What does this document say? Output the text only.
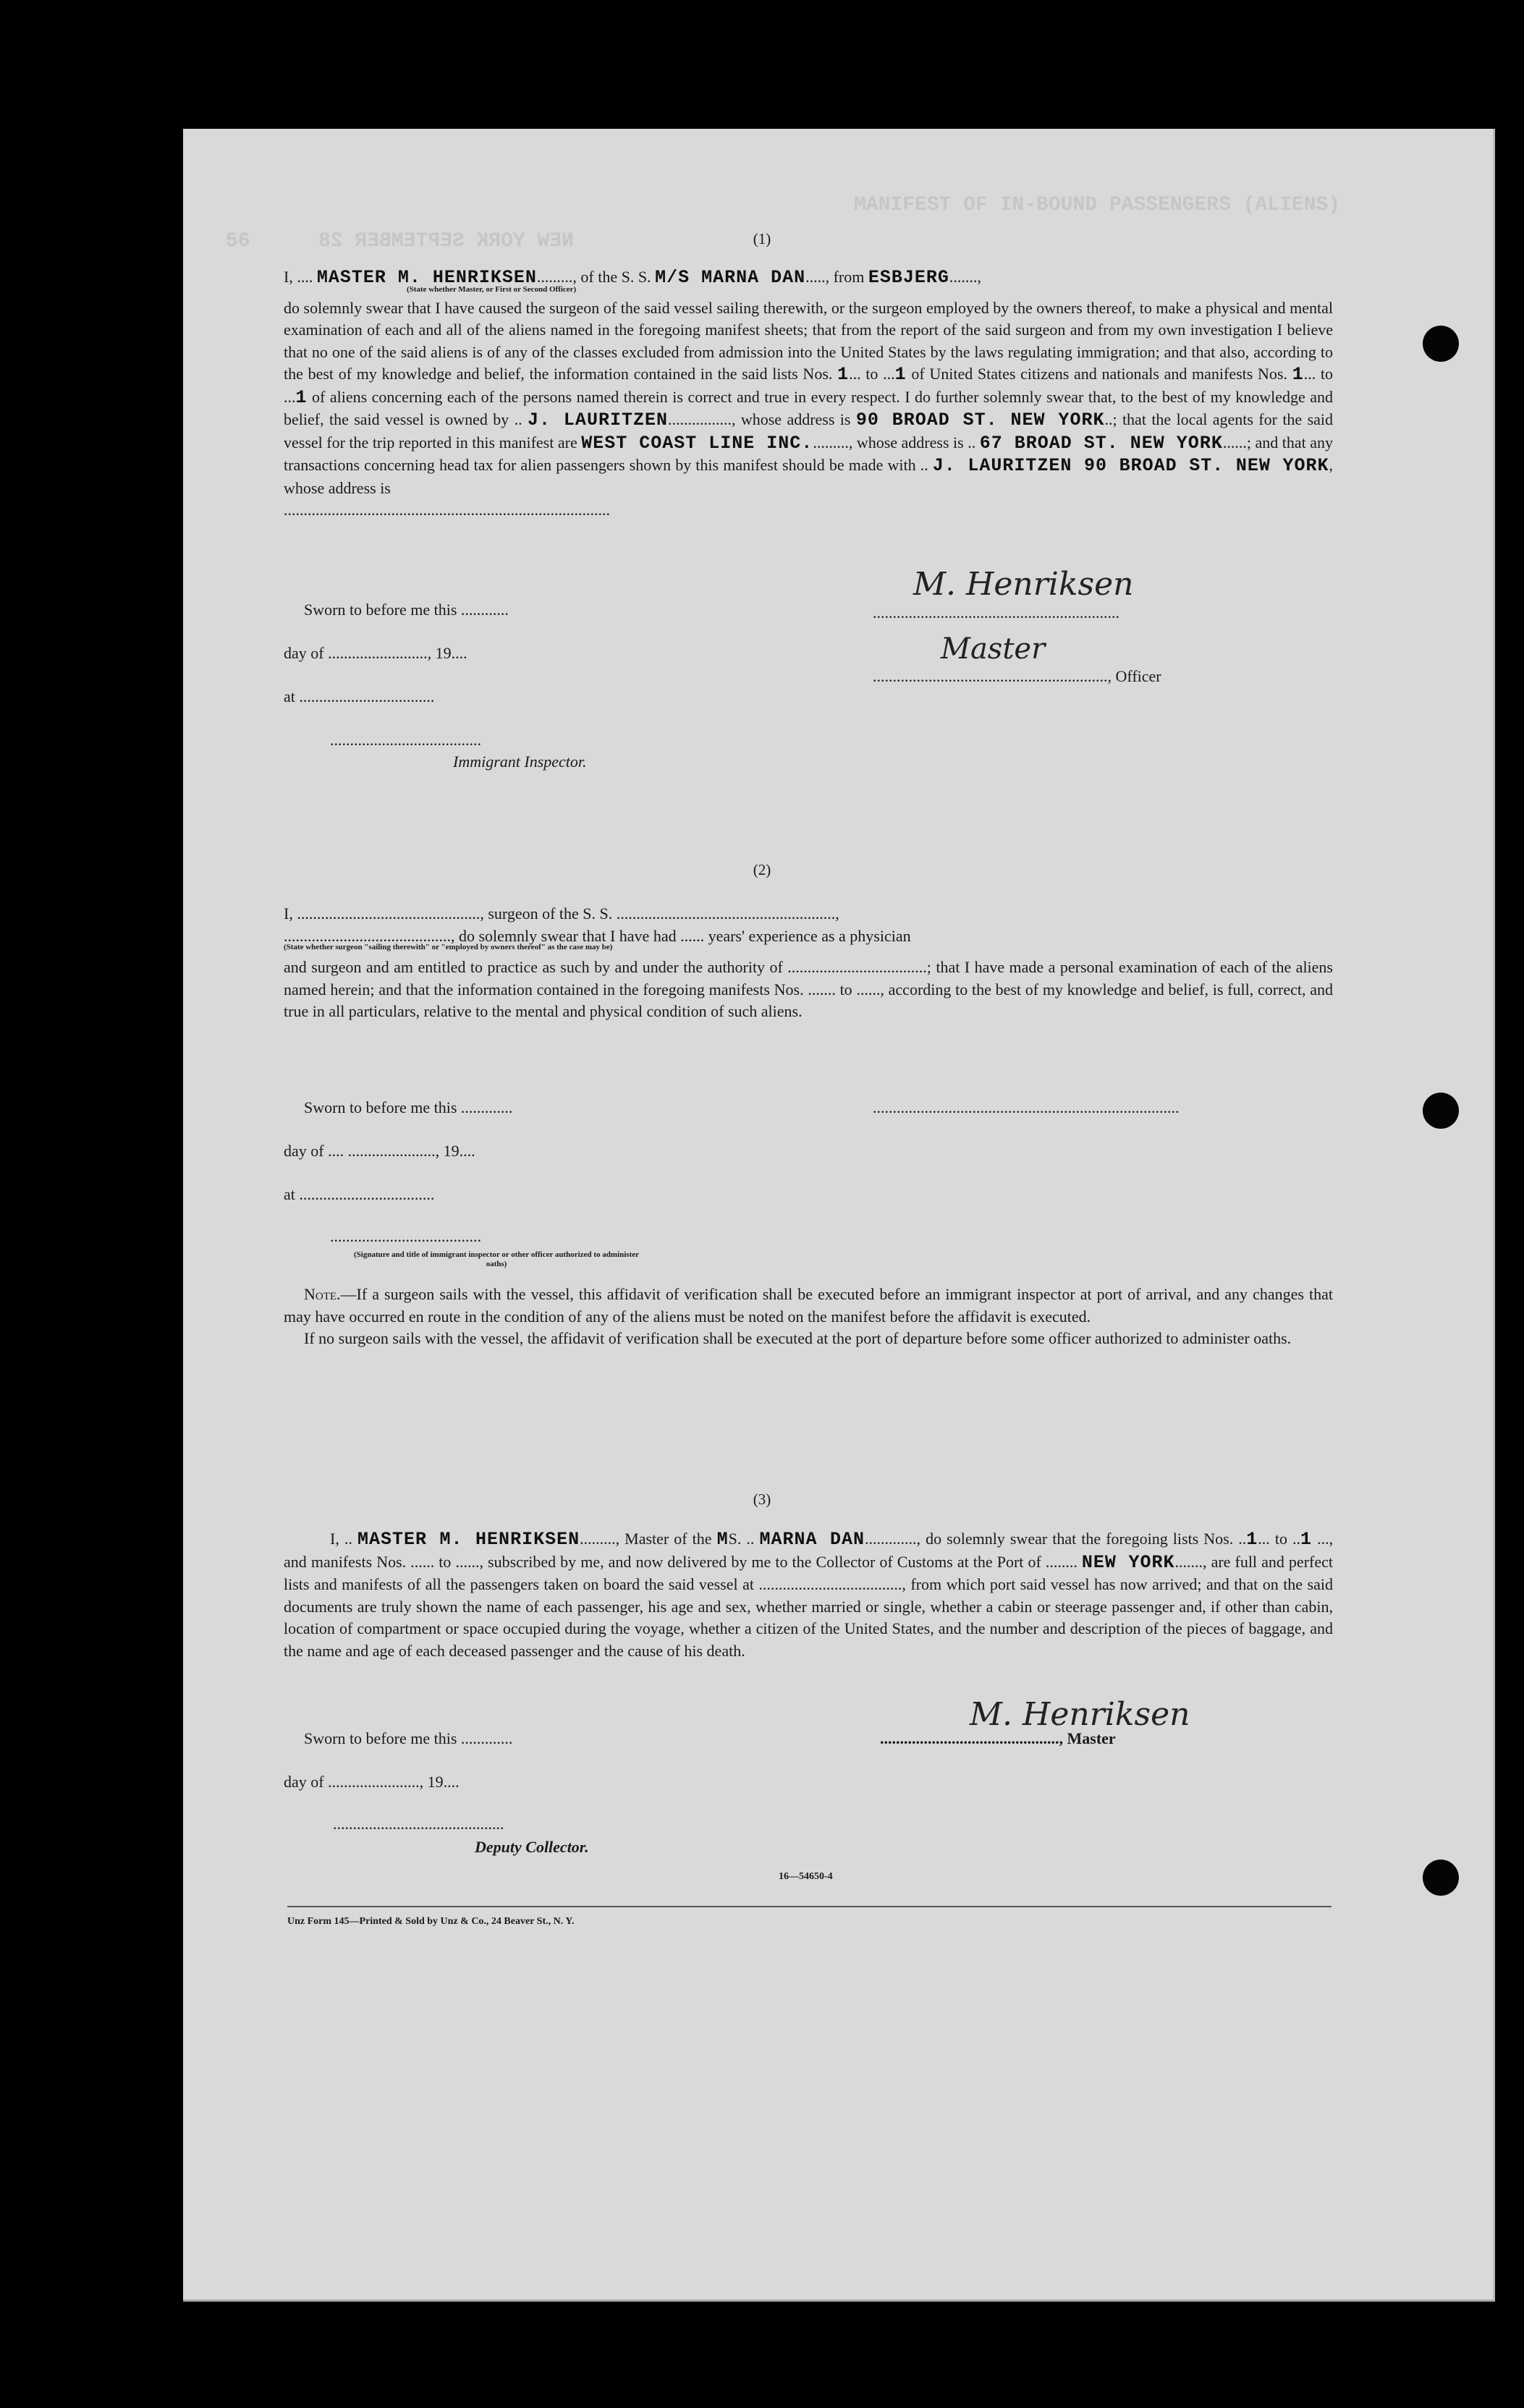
MANIFEST OF IN-BOUND PASSENGERS (ALIENS)
NEW YORK SEPTEMBER 28
56	(1)
I, .... MASTER M. HENRIKSEN........., of the S. S. M/S MARNA DAN....., from ESBJERG.......,
(State whether Master, or First or Second Officer)

do solemnly swear that I have caused the surgeon of the said vessel sailing therewith, or the surgeon employed by the owners thereof, to make a physical and mental examination of each and all of the aliens named in the foregoing manifest sheets; that from the report of the said surgeon and from my own investigation I believe that no one of the said aliens is of any of the classes excluded from admission into the United States by the laws regulating immigration; and that also, according to the best of my knowledge and belief, the information contained in the said lists Nos. 1... to ...1 of United States citizens and nationals and manifests Nos. 1... to ...1 of aliens concerning each of the persons named therein is correct and true in every respect. I do further solemnly swear that, to the best of my knowledge and belief, the said vessel is owned by .. J. LAURITZEN................, whose address is 90 BROAD ST. NEW YORK..; that the local agents for the said vessel for the trip reported in this manifest are WEST COAST LINE INC.........., whose address is .. 67 BROAD ST. NEW YORK......; and that any transactions concerning head tax for alien passengers shown by this manifest should be made with .. J. LAURITZEN 90 BROAD ST. NEW YORK, whose address is

..................................................................................
Sworn to before me this ............
day of ........................., 19....
at ..................................
......................................
Immigrant Inspector.
..............................................................
M. Henriksen
..........................................................., Officer
Master
(2)
I, .............................................., surgeon of the S. S. .......................................................,
.........................................., do solemnly swear that I have had ...... years' experience as a physician
(State whether surgeon "sailing therewith" or "employed by owners thereof" as the case may be)

and surgeon and am entitled to practice as such by and under the authority of ...................................; that I have made a personal examination of each of the aliens named herein; and that the information contained in the foregoing manifests Nos. ....... to ......, according to the best of my knowledge and belief, is full, correct, and true in all particulars, relative to the mental and physical condition of such aliens.

Sworn to before me this .............	.............................................................................
day of .... ......................, 19....
at ..................................
......................................
(Signature and title of immigrant inspector or other officer authorized to administer oaths)

Note.—If a surgeon sails with the vessel, this affidavit of verification shall be executed before an immigrant inspector at port of arrival, and any changes that may have occurred en route in the condition of any of the aliens must be noted on the manifest before the affidavit is executed.

If no surgeon sails with the vessel, the affidavit of verification shall be executed at the port of departure before some officer authorized to administer oaths.

(3)

I, .. MASTER M. HENRIKSEN........., Master of the MS. .. MARNA DAN............., do solemnly swear that the foregoing lists Nos. ..1... to ..1 ..., and manifests Nos. ...... to ......, subscribed by me, and now delivered by me to the Collector of Customs at the Port of ........ NEW YORK......., are full and perfect lists and manifests of all the passengers taken on board the said vessel at ...................................., from which port said vessel has now arrived; and that on the said documents are truly shown the name of each passenger, his age and sex, whether married or single, whether a cabin or steerage passenger and, if other than cabin, location of compartment or space occupied during the voyage, whether a citizen of the United States, and the number and description of the pieces of baggage, and the name and age of each deceased passenger and the cause of his death.

Sworn to before me this .............
day of ......................., 19....
...........................................
Deputy Collector.
............................................., Master
M. Henriksen
16—54650-4
Unz Form 145—Printed & Sold by Unz & Co., 24 Beaver St., N. Y.
